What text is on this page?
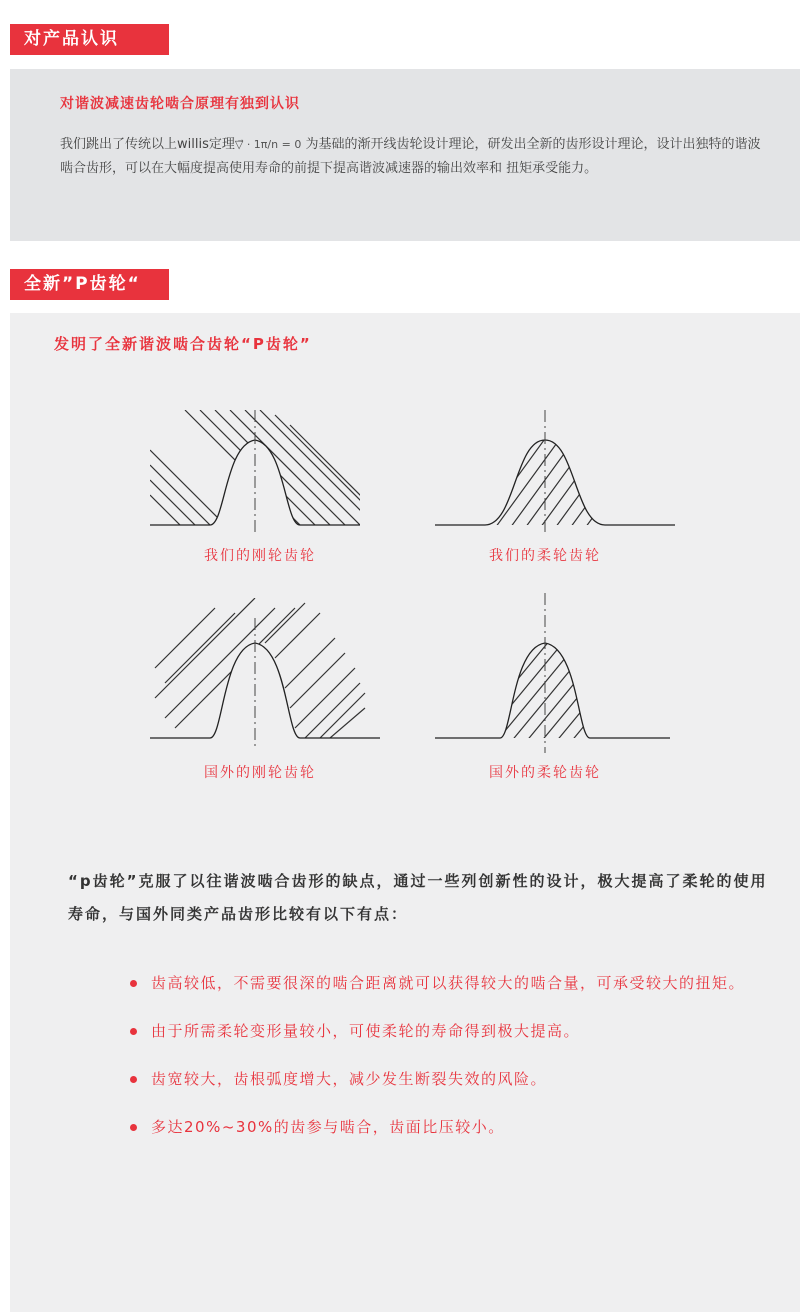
对产品认识
对谐波减速齿轮啮合原理有独到认识
我们跳出了传统以上willis定理▽⃗ · 1π/n = 0 为基础的渐开线齿轮设计理论，研发出全新的齿形设计理论，设计出独特的谐波啮合齿形，可以在大幅度提高使用寿命的前提下提高谐波减速器的输出效率和 扭矩承受能力。
全新”P齿轮“
发明了全新谐波啮合齿轮“P齿轮”
我们的刚轮齿轮	我们的柔轮齿轮
国外的刚轮齿轮	国外的柔轮齿轮
“p齿轮”克服了以往谐波啮合齿形的缺点，通过一些列创新性的设计，极大提高了柔轮的使用寿命，与国外同类产品齿形比较有以下有点：
齿高较低，不需要很深的啮合距离就可以获得较大的啮合量，可承受较大的扭矩。
由于所需柔轮变形量较小，可使柔轮的寿命得到极大提高。
齿宽较大，齿根弧度增大，减少发生断裂失效的风险。
多达20%~30%的齿参与啮合，齿面比压较小。
